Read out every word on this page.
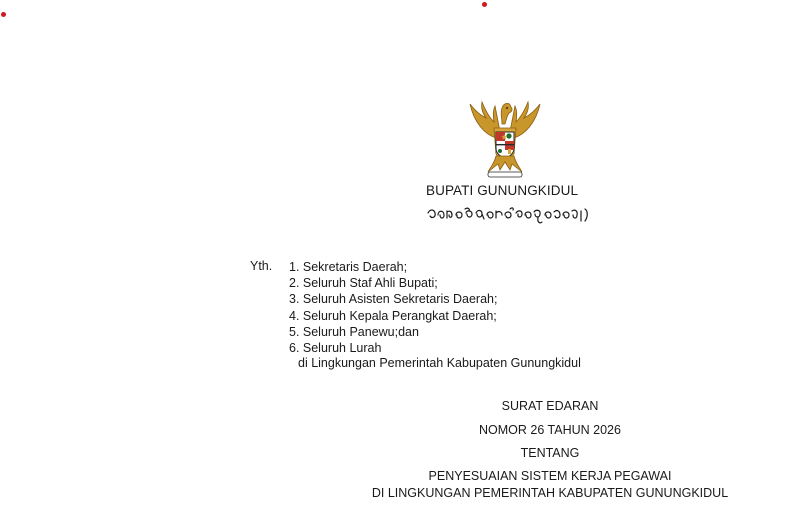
BUPATI GUNUNGKIDUL
Yth. 1. Sekretaris Daerah;
2. Seluruh Staf Ahli Bupati;
3. Seluruh Asisten Sekretaris Daerah;
4. Seluruh Kepala Perangkat Daerah;
5. Seluruh Panewu;dan
6. Seluruh Lurah
di Lingkungan Pemerintah Kabupaten Gunungkidul
SURAT EDARAN
NOMOR 26 TAHUN 2026
TENTANG
PENYESUAIAN SISTEM KERJA PEGAWAI
DI LINGKUNGAN PEMERINTAH KABUPATEN GUNUNGKIDUL
